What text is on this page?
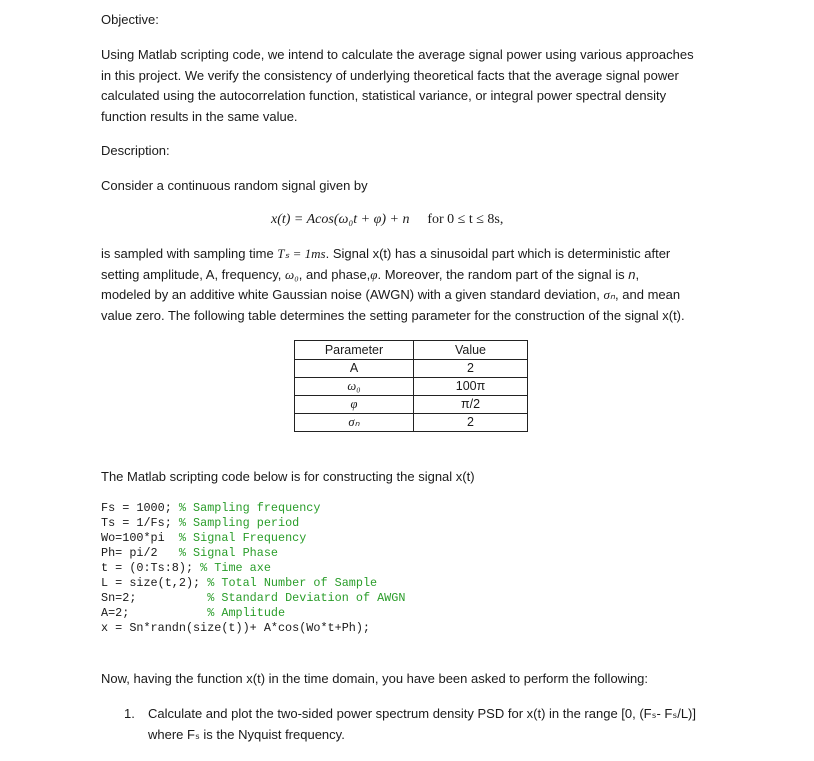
Objective:
Using Matlab scripting code, we intend to calculate the average signal power using various approaches
in this project. We verify the consistency of underlying theoretical facts that the average signal power
calculated using the autocorrelation function, statistical variance, or integral power spectral density
function results in the same value.
Description:
Consider a continuous random signal given by
x(t) = Acos(ω₀t + φ) + n for 0 ≤ t ≤ 8s,
is sampled with sampling time Tₛ = 1ms. Signal x(t) has a sinusoidal part which is deterministic after
setting amplitude, A, frequency, ω₀, and phase,φ. Moreover, the random part of the signal is n,
modeled by an additive white Gaussian noise (AWGN) with a given standard deviation, σₙ, and mean
value zero. The following table determines the setting parameter for the construction of the signal x(t).
Parameter	Value
A	2
ω₀	100π
φ	π/2
σₙ	2
The Matlab scripting code below is for constructing the signal x(t)
Fs = 1000; % Sampling frequency
Ts = 1/Fs; % Sampling period
Wo=100*pi  % Signal Frequency
Ph= pi/2   % Signal Phase
t = (0:Ts:8); % Time axe
L = size(t,2); % Total Number of Sample
Sn=2;          % Standard Deviation of AWGN
A=2;           % Amplitude
x = Sn*randn(size(t))+ A*cos(Wo*t+Ph);
Now, having the function x(t) in the time domain, you have been asked to perform the following:
1. Calculate and plot the two-sided power spectrum density PSD for x(t) in the range [0, (Fₛ- Fₛ/L)]
where Fₛ is the Nyquist frequency.
